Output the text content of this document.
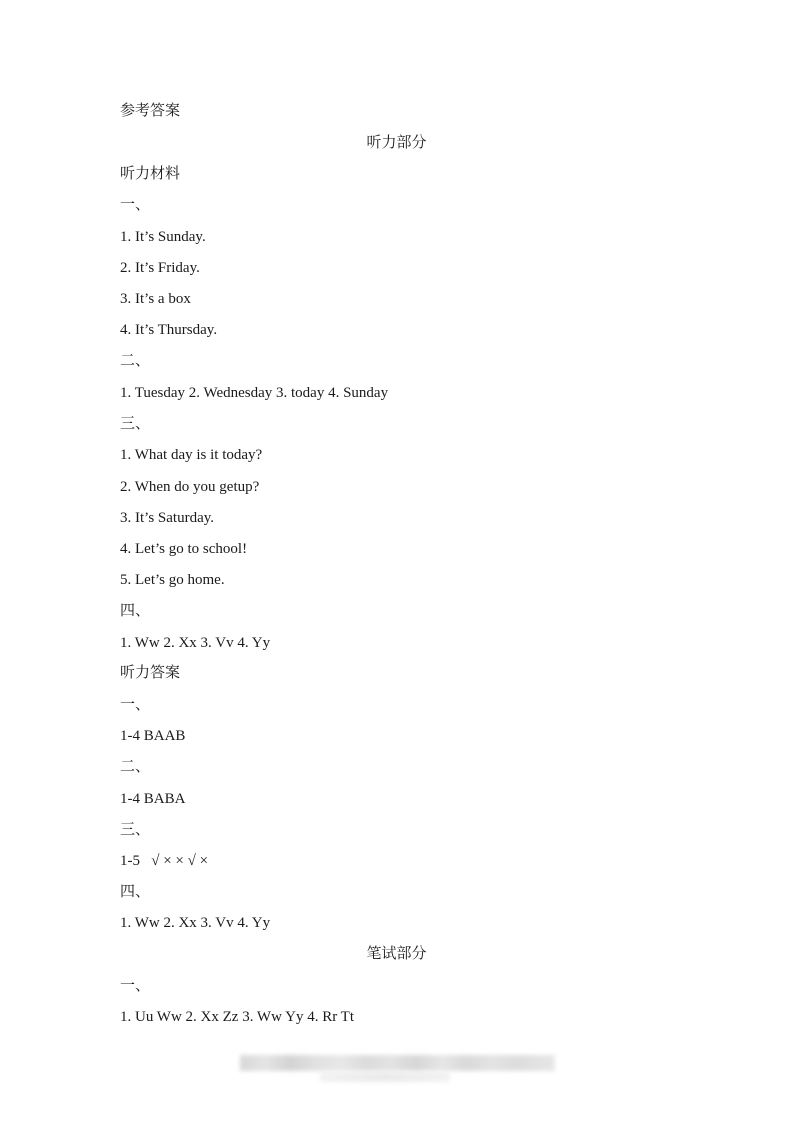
参考答案
听力部分
听力材料
一、
1. It’s Sunday.
2. It’s Friday.
3. It’s a box
4. It’s Thursday.
二、
1. Tuesday 2. Wednesday 3. today 4. Sunday
三、
1. What day is it today?
2. When do you getup?
3. It’s Saturday.
4. Let’s go to school!
5. Let’s go home.
四、
1. Ww 2. Xx 3. Vv 4. Yy
听力答案
一、
1-4 BAAB
二、
1-4 BABA
三、
1-5   √ × × √ ×
四、
1. Ww 2. Xx 3. Vv 4. Yy
笔试部分
一、
1. Uu Ww 2. Xx Zz 3. Ww Yy 4. Rr Tt
